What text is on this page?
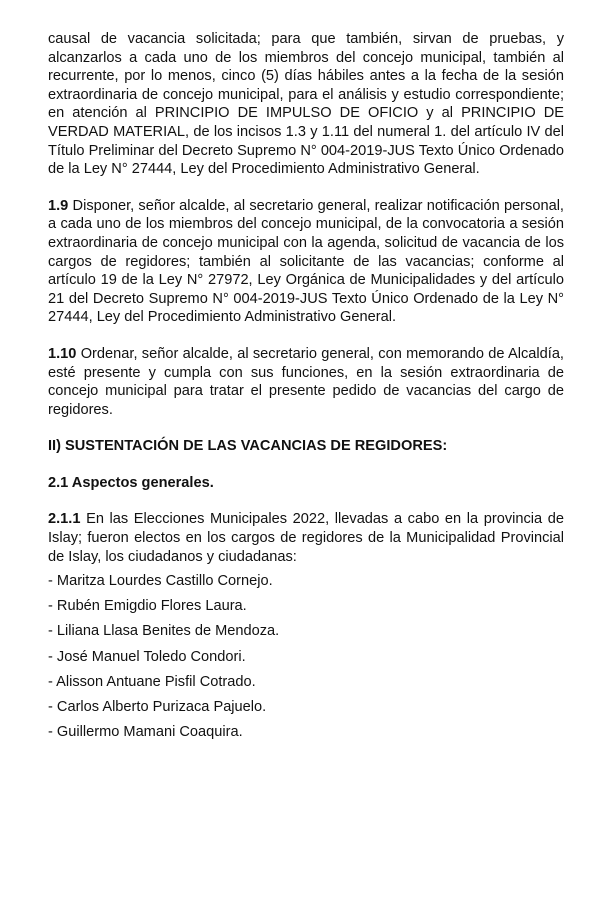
causal de vacancia solicitada; para que también, sirvan de pruebas, y alcanzarlos a cada uno de los miembros del concejo municipal, también al recurrente, por lo menos, cinco (5) días hábiles antes a la fecha de la sesión extraordinaria de concejo municipal, para el análisis y estudio correspondiente; en atención al PRINCIPIO DE IMPULSO DE OFICIO y al PRINCIPIO DE VERDAD MATERIAL, de los incisos 1.3 y 1.11 del numeral 1. del artículo IV del Título Preliminar del Decreto Supremo N° 004-2019-JUS Texto Único Ordenado de la Ley N° 27444, Ley del Procedimiento Administrativo General.

1.9 Disponer, señor alcalde, al secretario general, realizar notificación personal, a cada uno de los miembros del concejo municipal, de la convocatoria a sesión extraordinaria de concejo municipal con la agenda, solicitud de vacancia de los cargos de regidores; también al solicitante de las vacancias; conforme al artículo 19 de la Ley N° 27972, Ley Orgánica de Municipalidades y del artículo 21 del Decreto Supremo N° 004-2019-JUS Texto Único Ordenado de la Ley N° 27444, Ley del Procedimiento Administrativo General.

1.10 Ordenar, señor alcalde, al secretario general, con memorando de Alcaldía, esté presente y cumpla con sus funciones, en la sesión extraordinaria de concejo municipal para tratar el presente pedido de vacancias del cargo de regidores.

II) SUSTENTACIÓN DE LAS VACANCIAS DE REGIDORES:

2.1 Aspectos generales.

2.1.1 En las Elecciones Municipales 2022, llevadas a cabo en la provincia de Islay; fueron electos en los cargos de regidores de la Municipalidad Provincial de Islay, los ciudadanos y ciudadanas:

- Maritza Lourdes Castillo Cornejo.
- Rubén Emigdio Flores Laura.
- Liliana Llasa Benites de Mendoza.
- José Manuel Toledo Condori.
- Alisson Antuane Pisfil Cotrado.
- Carlos Alberto Purizaca Pajuelo.
- Guillermo Mamani Coaquira.
